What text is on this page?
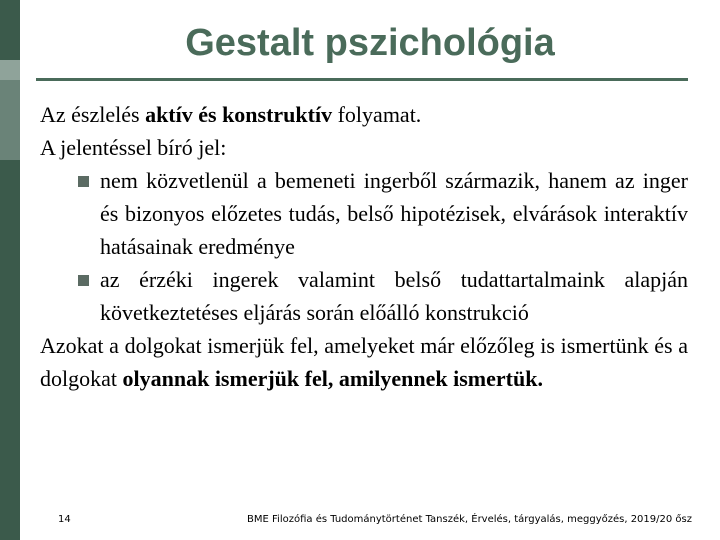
Gestalt pszichológia

Az észlelés aktív és konstruktív folyamat.

A jelentéssel bíró jel:

nem közvetlenül a bemeneti ingerből származik, hanem az inger és bizonyos előzetes tudás, belső hipotézisek, elvárások interaktív hatásainak eredménye
az érzéki ingerek valamint belső tudattartalmaink alapján következtetéses eljárás során előálló konstrukció

Azokat a dolgokat ismerjük fel, amelyeket már előzőleg is ismertünk és a dolgokat olyannak ismerjük fel, amilyennek ismertük.

14	BME Filozófia és Tudománytörténet Tanszék, Érvelés, tárgyalás, meggyőzés, 2019/20 ősz
